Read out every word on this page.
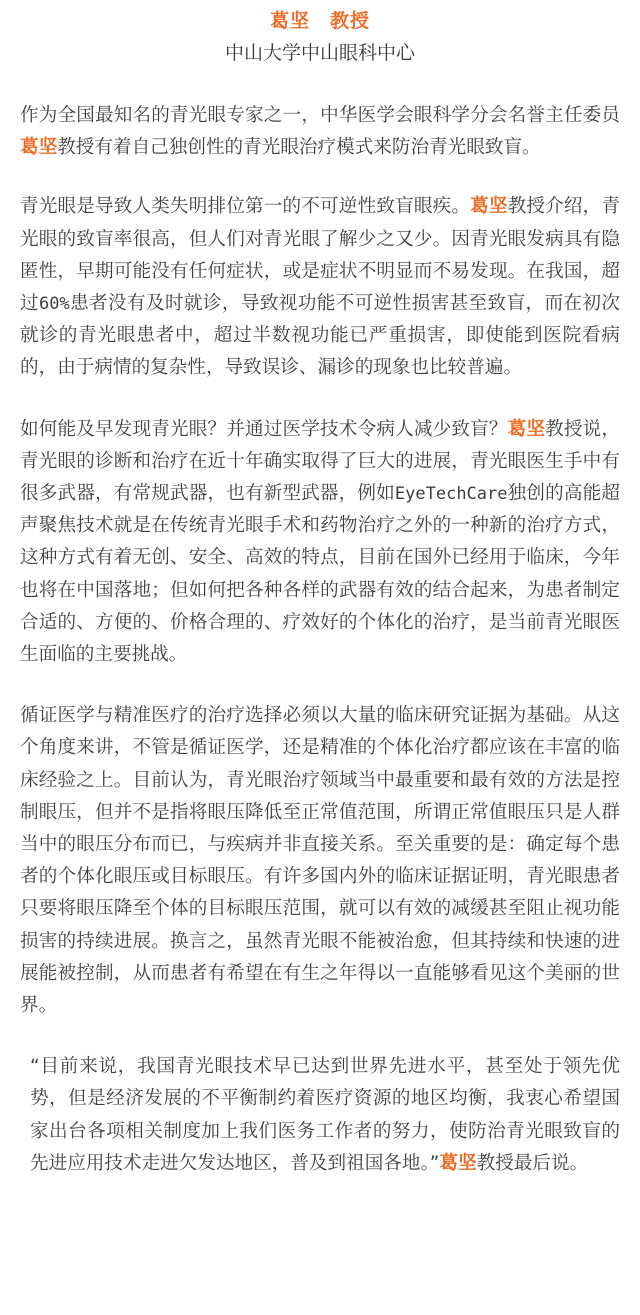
葛坚 教授

中山大学中山眼科中心

作为全国最知名的青光眼专家之一，中华医学会眼科学分会名誉主任委员葛坚教授有着自己独创性的青光眼治疗模式来防治青光眼致盲。

青光眼是导致人类失明排位第一的不可逆性致盲眼疾。葛坚教授介绍，青光眼的致盲率很高，但人们对青光眼了解少之又少。因青光眼发病具有隐匿性，早期可能没有任何症状，或是症状不明显而不易发现。在我国，超过60%患者没有及时就诊，导致视功能不可逆性损害甚至致盲，而在初次就诊的青光眼患者中，超过半数视功能已严重损害，即使能到医院看病的，由于病情的复杂性，导致误诊、漏诊的现象也比较普遍。

如何能及早发现青光眼？并通过医学技术令病人减少致盲？葛坚教授说，青光眼的诊断和治疗在近十年确实取得了巨大的进展，青光眼医生手中有很多武器，有常规武器，也有新型武器，例如EyeTechCare独创的高能超声聚焦技术就是在传统青光眼手术和药物治疗之外的一种新的治疗方式，这种方式有着无创、安全、高效的特点，目前在国外已经用于临床，今年也将在中国落地；但如何把各种各样的武器有效的结合起来，为患者制定合适的、方便的、价格合理的、疗效好的个体化的治疗，是当前青光眼医生面临的主要挑战。

循证医学与精准医疗的治疗选择必须以大量的临床研究证据为基础。从这个角度来讲，不管是循证医学，还是精准的个体化治疗都应该在丰富的临床经验之上。目前认为，青光眼治疗领域当中最重要和最有效的方法是控制眼压，但并不是指将眼压降低至正常值范围，所谓正常值眼压只是人群当中的眼压分布而已，与疾病并非直接关系。至关重要的是：确定每个患者的个体化眼压或目标眼压。有许多国内外的临床证据证明，青光眼患者只要将眼压降至个体的目标眼压范围，就可以有效的减缓甚至阻止视功能损害的持续进展。换言之，虽然青光眼不能被治愈，但其持续和快速的进展能被控制，从而患者有希望在有生之年得以一直能够看见这个美丽的世界。

“目前来说，我国青光眼技术早已达到世界先进水平，甚至处于领先优势，但是经济发展的不平衡制约着医疗资源的地区均衡，我衷心希望国家出台各项相关制度加上我们医务工作者的努力，使防治青光眼致盲的先进应用技术走进欠发达地区，普及到祖国各地。”葛坚教授最后说。
